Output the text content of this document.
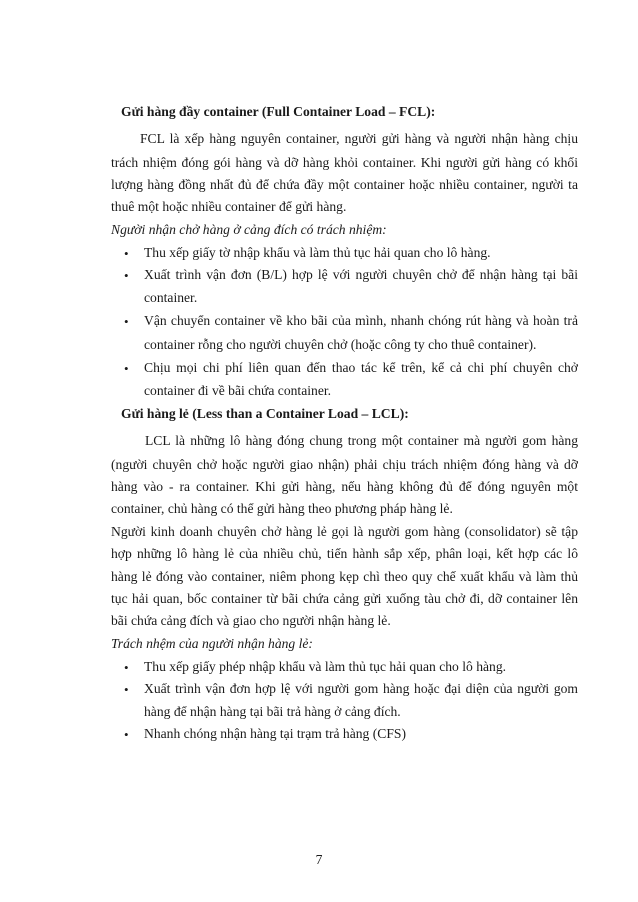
Gửi hàng đầy container (Full Container Load – FCL):
FCL là xếp hàng nguyên container, người gửi hàng và người nhận hàng chịu
trách nhiệm đóng gói hàng và dỡ hàng khỏi container. Khi người gửi hàng có khối
lượng hàng đồng nhất đủ để chứa đầy một container hoặc nhiều container, người ta
thuê một hoặc nhiều container để gửi hàng.
Người nhận chở hàng ở cảng đích có trách nhiệm:
• Thu xếp giấy tờ nhập khẩu và làm thủ tục hải quan cho lô hàng.
• Xuất trình vận đơn (B/L) hợp lệ với người chuyên chở để nhận hàng tại bãi
container.
• Vận chuyển container về kho bãi của mình, nhanh chóng rút hàng và hoàn trả
container rỗng cho người chuyên chở (hoặc công ty cho thuê container).
• Chịu mọi chi phí liên quan đến thao tác kể trên, kể cả chi phí chuyên chở
container đi về bãi chứa container.
Gửi hàng lẻ (Less than a Container Load – LCL):
LCL là những lô hàng đóng chung trong một container mà người gom hàng
(người chuyên chở hoặc người giao nhận) phải chịu trách nhiệm đóng hàng và dỡ
hàng vào - ra container. Khi gửi hàng, nếu hàng không đủ để đóng nguyên một
container, chủ hàng có thể gửi hàng theo phương pháp hàng lẻ.
Người kinh doanh chuyên chở hàng lẻ gọi là người gom hàng (consolidator) sẽ tập
hợp những lô hàng lẻ của nhiều chủ, tiến hành sắp xếp, phân loại, kết hợp các lô
hàng lẻ đóng vào container, niêm phong kẹp chì theo quy chế xuất khẩu và làm thủ
tục hải quan, bốc container từ bãi chứa cảng gửi xuống tàu chở đi, dỡ container lên
bãi chứa cảng đích và giao cho người nhận hàng lẻ.
Trách nhệm của người nhận hàng lẻ:
• Thu xếp giấy phép nhập khẩu và làm thủ tục hải quan cho lô hàng.
• Xuất trình vận đơn hợp lệ với người gom hàng hoặc đại diện của người gom
hàng để nhận hàng tại bãi trả hàng ở cảng đích.
• Nhanh chóng nhận hàng tại trạm trả hàng (CFS)
7
